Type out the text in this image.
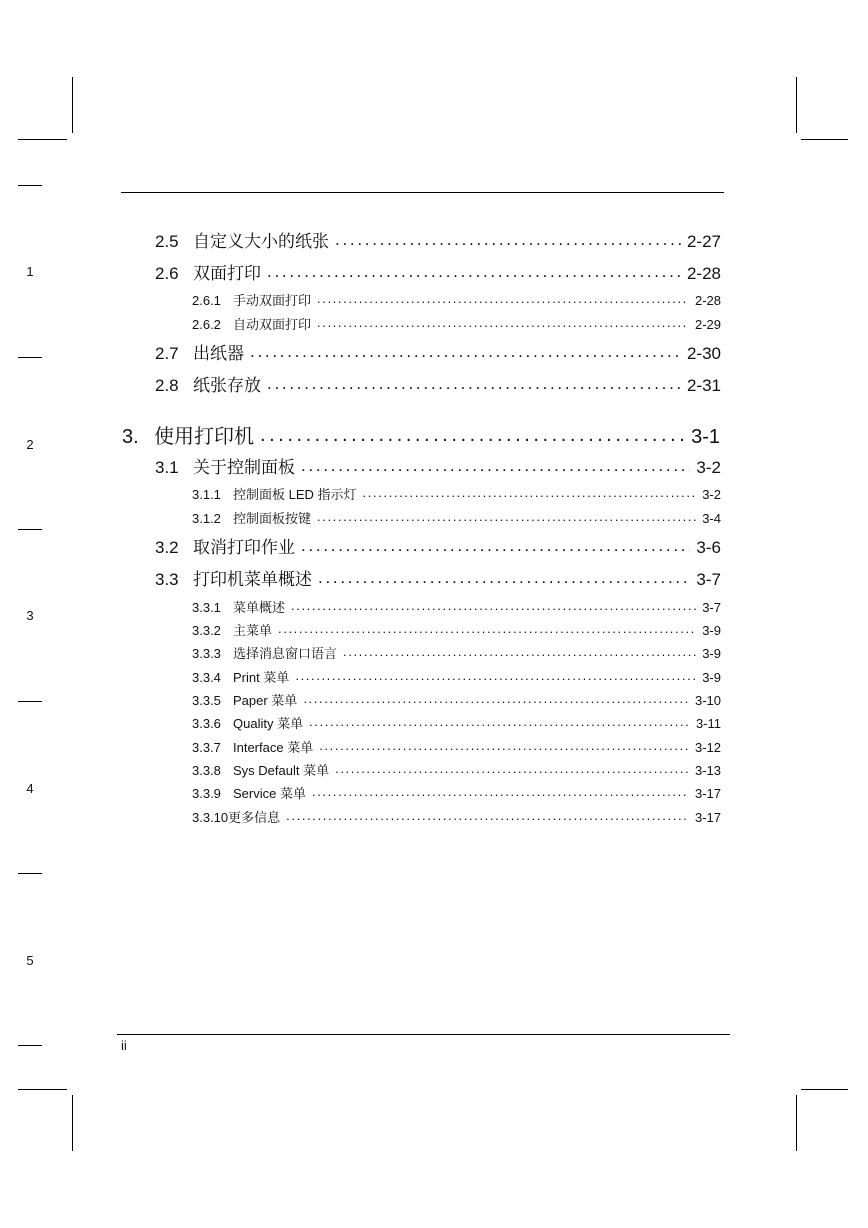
1
2
3
4
5
2.5 自定义大小的纸张 . . .	2-27
2.6 双面打印 . . .	2-28
2.6.1 手动双面打印 . . .	2-28
2.6.2 自动双面打印 . . .	2-29
2.7 出纸器 . . .	2-30
2.8 纸张存放 . . .	2-31
3. 使用打印机 . . .	3-1
3.1 关于控制面板 . . .	3-2
3.1.1 控制面板 LED 指示灯 . . .	3-2
3.1.2 控制面板按键 . . .	3-4
3.2 取消打印作业 . . .	3-6
3.3 打印机菜单概述 . . .	3-7
3.3.1 菜单概述 . . .	3-7
3.3.2 主菜单 . . .	3-9
3.3.3 选择消息窗口语言 . . .	3-9
3.3.4 Print 菜单 . . .	3-9
3.3.5 Paper 菜单 . . .	3-10
3.3.6 Quality 菜单 . . .	3-11
3.3.7 Interface 菜单 . . .	3-12
3.3.8 Sys Default 菜单 . . .	3-13
3.3.9 Service 菜单 . . .	3-17
3.3.10 更多信息 . . .	3-17
ii
